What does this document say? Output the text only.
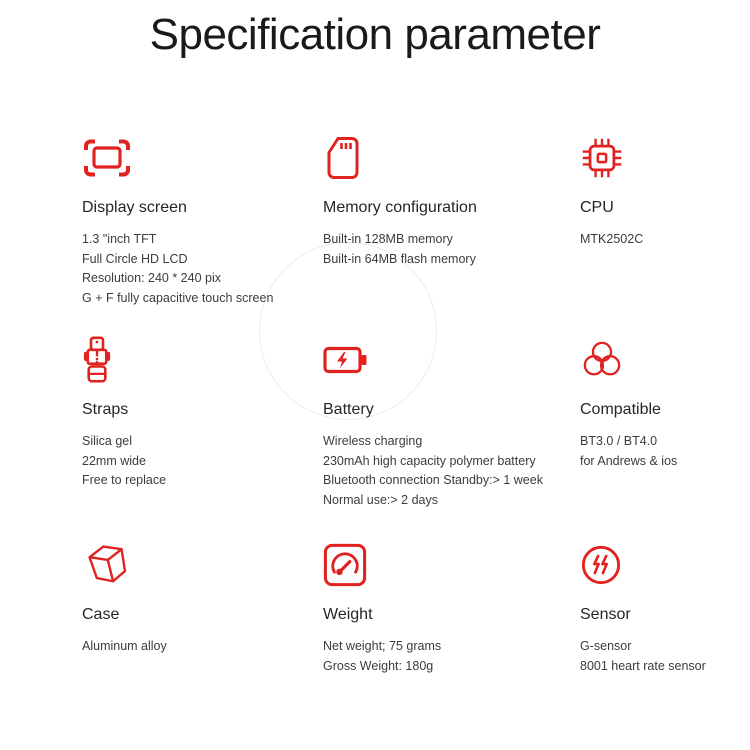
Specification parameter
Display screen
1.3 "inch TFT
Full Circle HD LCD
Resolution: 240 * 240 pix
G + F fully capacitive touch screen
Memory configuration
Built-in 128MB memory
Built-in 64MB flash memory
CPU
MTK2502C
Straps
Silica gel
22mm wide
Free to replace
Battery
Wireless charging
230mAh high capacity polymer battery
Bluetooth connection Standby:> 1 week
Normal use:> 2 days
Compatible
BT3.0 / BT4.0
for Andrews & ios
Case
Aluminum alloy
Weight
Net weight; 75 grams
Gross Weight: 180g
Sensor
G-sensor
8001 heart rate sensor
